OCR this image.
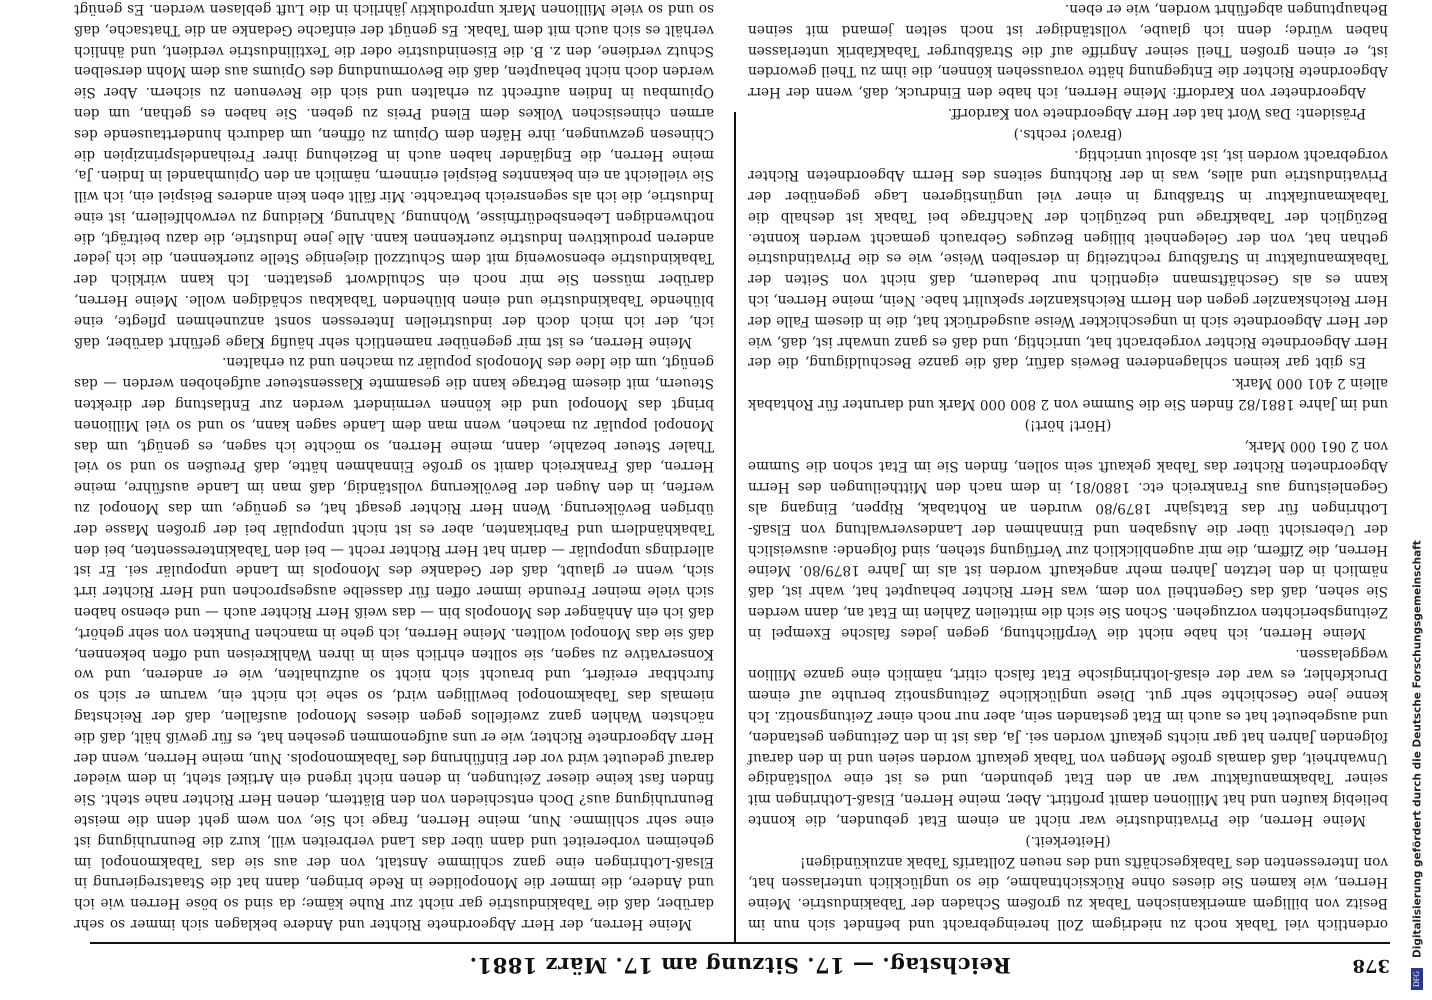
378
Reichstag. — 17. Sitzung am 17. März 1881.

ordentlich viel Tabak noch zu niedrigem Zoll hereingebracht und befindet sich nun im Besitz von billigem amerikanischen Tabak zu großem Schaden der Tabakindustrie. Meine Herren, wie kamen Sie dieses ohne Rücksichtnahme, die so unglücklich unterlassen hat, von Interessenten des Tabakgeschäfts und des neuen Zolltarifs Tabak anzukündigen!

(Heiterkeit.)

Meine Herren, die Privatindustrie war nicht an einem Etat gebunden, die konnte beliebig kaufen und hat Millionen damit profitirt. Aber, meine Herren, Elsaß-Lothringen mit seiner Tabakmanufaktur war an den Etat gebunden, und es ist eine vollständige Unwahrheit, daß damals große Mengen von Tabak gekauft worden seien und in den darauf folgenden Jahren hat gar nichts gekauft worden sei. Ja, das ist in den Zeitungen gestanden, und ausgebeutet hat es auch im Etat gestanden sein, aber nur noch einer Zeitungsnotiz. Ich kenne jene Geschichte sehr gut. Diese unglückliche Zeitungsnotiz beruhte auf einem Druckfehler, es war der elsaß-lothringische Etat falsch citirt, nämlich eine ganze Million weggelassen.

Meine Herren, ich habe nicht die Verpflichtung, gegen jedes falsche Exempel in Zeitungsberichten vorzugehen. Schon Sie sich die mitteilen Zahlen im Etat an, dann werden Sie sehen, daß das Gegentheil von dem, was Herr Richter behauptet hat, wahr ist, daß nämlich in den letzten Jahren mehr angekauft worden ist als im Jahre 1879/80. Meine Herren, die Ziffern, die mir augenblicklich zur Verfügung stehen, sind folgende: ausweislich der Uebersicht über die Ausgaben und Einnahmen der Landesverwaltung von Elsaß-Lothringen für das Etatsjahr 1879/80 wurden an Rohtabak, Rippen, Eingang als Gegenleistung aus Frankreich etc. 1880/81, in dem nach den Mittheilungen des Herrn Abgeordneten Richter das Tabak gekauft sein sollen, finden Sie im Etat schon die Summe von 2 061 000 Mark,

(Hört! hört!)

und im Jahre 1881/82 finden Sie die Summe von 2 800 000 Mark und darunter für Rohtabak allein 2 401 000 Mark.

Es gibt gar keinen schlagenderen Beweis dafür, daß die ganze Beschuldigung, die der Herr Abgeordnete Richter vorgebracht hat, unrichtig, und daß es ganz unwahr ist, daß, wie der Herr Abgeordnete sich in ungeschickter Weise ausgedrückt hat, die in diesem Falle der Herr Reichskanzler gegen den Herrn Reichskanzler spekulirt habe. Nein, meine Herren, ich kann es als Geschäftsmann eigentlich nur bedauern, daß nicht von Seiten der Tabakmanufaktur in Straßburg rechtzeitig in derselben Weise, wie es die Privatindustrie gethan hat, von der Gelegenheit billigen Bezuges Gebrauch gemacht werden konnte. Bezüglich der Tabakfrage und bezüglich der Nachfrage bei Tabak ist deshalb die Tabakmanufaktur in Straßburg in einer viel ungünstigeren Lage gegenüber der Privatindustrie und alles, was in der Richtung seitens des Herrn Abgeordneten Richter vorgebracht worden ist, ist absolut unrichtig.

(Bravo! rechts.)

Präsident: Das Wort hat der Herr Abgeordnete von Kardorff.

Abgeordneter von Kardorff: Meine Herren, ich habe den Eindruck, daß, wenn der Herr Abgeordnete Richter die Entgegnung hätte voraussehen können, die ihm zu Theil geworden ist, er einen großen Theil seiner Angriffe auf die Straßburger Tabakfabrik unterlassen haben würde; denn ich glaube, vollständiger ist noch selten jemand mit seinen Behauptungen abgeführt worden, wie er eben.

Meine Herren, der Herr Abgeordnete Richter und Andere beklagen sich immer so sehr darüber, daß die Tabakindustrie gar nicht zur Ruhe käme; da sind so böse Herren wie ich und Andere, die immer die Monopolidee in Rede bringen, dann hat die Staatsregierung in Elsaß-Lothringen eine ganz schlimme Anstalt, von der aus sie das Tabakmonopol im geheimen vorbereitet und dann über das Land verbreiten will, kurz die Beunruhigung ist eine sehr schlimme. Nun, meine Herren, frage ich Sie, von wem geht denn die meiste Beunruhigung aus? Doch entschieden von den Blättern, denen Herr Richter nahe steht. Sie finden fast keine dieser Zeitungen, in denen nicht irgend ein Artikel steht, in dem wieder darauf gedeutet wird vor der Einführung des Tabakmonopols. Nun, meine Herren, wenn der Herr Abgeordnete Richter, wie er uns aufgenommen gesehen hat, es für gewiß hält, daß die nächsten Wahlen ganz zweifellos gegen dieses Monopol ausfallen, daß der Reichstag niemals das Tabakmonopol bewilligen wird, so sehe ich nicht ein, warum er sich so furchtbar ereifert, und braucht sich nicht so aufzuhalten, wie er anderen, und wo Konservative zu sagen, sie sollten ehrlich sein in ihren Wahlkreisen und offen bekennen, daß sie das Monopol wollten. Meine Herren, ich gehe in manchen Punkten von sehr gehört, daß ich ein Anhänger des Monopols bin — das weiß Herr Richter auch — und ebenso haben sich viele meiner Freunde immer offen für dasselbe ausgesprochen und Herr Richter irrt sich, wenn er glaubt, daß der Gedanke des Monopols im Lande unpopulär sei. Er ist allerdings unpopulär — darin hat Herr Richter recht — bei den Tabakinteressenten, bei den Tabakhändlern und Fabrikanten, aber es ist nicht unpopulär bei der großen Masse der übrigen Bevölkerung. Wenn Herr Richter gesagt hat, es genüge, um das Monopol zu werfen, in den Augen der Bevölkerung vollständig, daß man im Lande ausführe, meine Herren, daß Frankreich damit so große Einnahmen hätte, daß Preußen so und so viel Thaler Steuer bezahle, dann, meine Herren, so möchte ich sagen, es genügt, um das Monopol populär zu machen, wenn man dem Lande sagen kann, so und so viel Millionen bringt das Monopol und die können vermindert werden zur Entlastung der direkten Steuern, mit diesem Betrage kann die gesammte Klassensteuer aufgehoben werden — das genügt, um die Idee des Monopols populär zu machen und zu erhalten.

Meine Herren, es ist mir gegenüber namentlich sehr häufig Klage geführt darüber, daß ich, der ich mich doch der industriellen Interessen sonst anzunehmen pflegte, eine blühende Tabakindustrie und einen blühenden Tabakbau schädigen wolle. Meine Herren, darüber müssen Sie mir noch ein Schuldwort gestatten. Ich kann wirklich der Tabakindustrie ebensowenig mit dem Schutzzoll diejenige Stelle zuerkennen, die ich jeder anderen produktiven Industrie zuerkennen kann. Alle jene Industrie, die dazu beiträgt, die nothwendigen Lebensbedürfnisse, Wohnung, Nahrung, Kleidung zu verwohlfeilern, ist eine Industrie, die ich als segensreich betrachte. Mir fällt eben kein anderes Beispiel ein, ich will Sie vielleicht an ein bekanntes Beispiel erinnern, nämlich an den Opiumhandel in Indien. Ja, meine Herren, die Engländer haben auch in Beziehung ihrer Freihandelsprinzipien die Chinesen gezwungen, ihre Häfen dem Opium zu öffnen, um dadurch hunderttausende des armen chinesischen Volkes dem Elend Preis zu geben. Sie haben es gethan, um den Opiumbau in Indien aufrecht zu erhalten und sich die Revenuen zu sichern. Aber Sie werden doch nicht behaupten, daß die Bevormundung des Opiums aus dem Mohn derselben Schutz verdiene, den z. B. die Eisenindustrie oder die Textilindustrie verdient, und ähnlich verhält es sich auch mit dem Tabak. Es genügt der einfache Gedanke an die Thatsache, daß so und so viele Millionen Mark unproduktiv jährlich in die Luft geblasen werden. Es genügt

DFG Digitalisierung gefördert durch die Deutsche Forschungsgemeinschaft
